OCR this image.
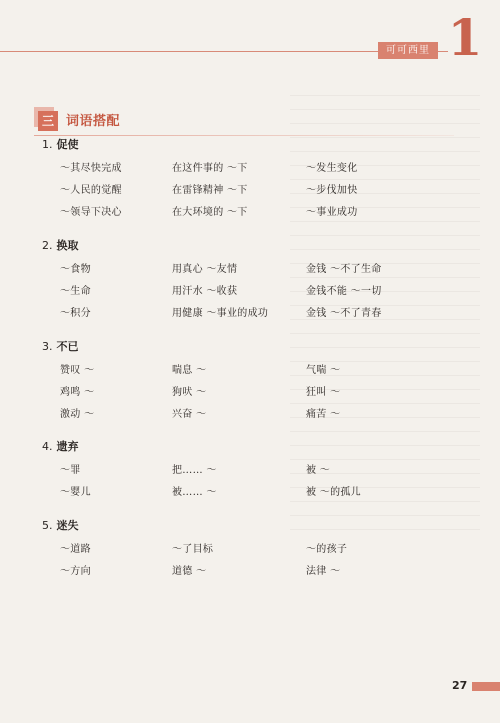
可可西里 1
三 词语搭配
1. 促使
～其尽快完成	在这件事的 ～下	～发生变化
～人民的觉醒	在雷锋精神 ～下	～步伐加快
～领导下决心	在大环境的 ～下	～事业成功
2. 换取
～食物	用真心 ～友情	金钱 ～不了生命
～生命	用汗水 ～收获	金钱不能 ～一切
～积分	用健康 ～事业的成功	金钱 ～不了青春
3. 不已
赞叹 ～	喘息 ～	气喘 ～
鸡鸣 ～	狗吠 ～	狂叫 ～
激动 ～	兴奋 ～	痛苦 ～
4. 遗弃
～罪	把…… ～	被 ～
～婴儿	被…… ～	被 ～的孤儿
5. 迷失
～道路	～了目标	～的孩子
～方向	道德 ～	法律 ～
27
